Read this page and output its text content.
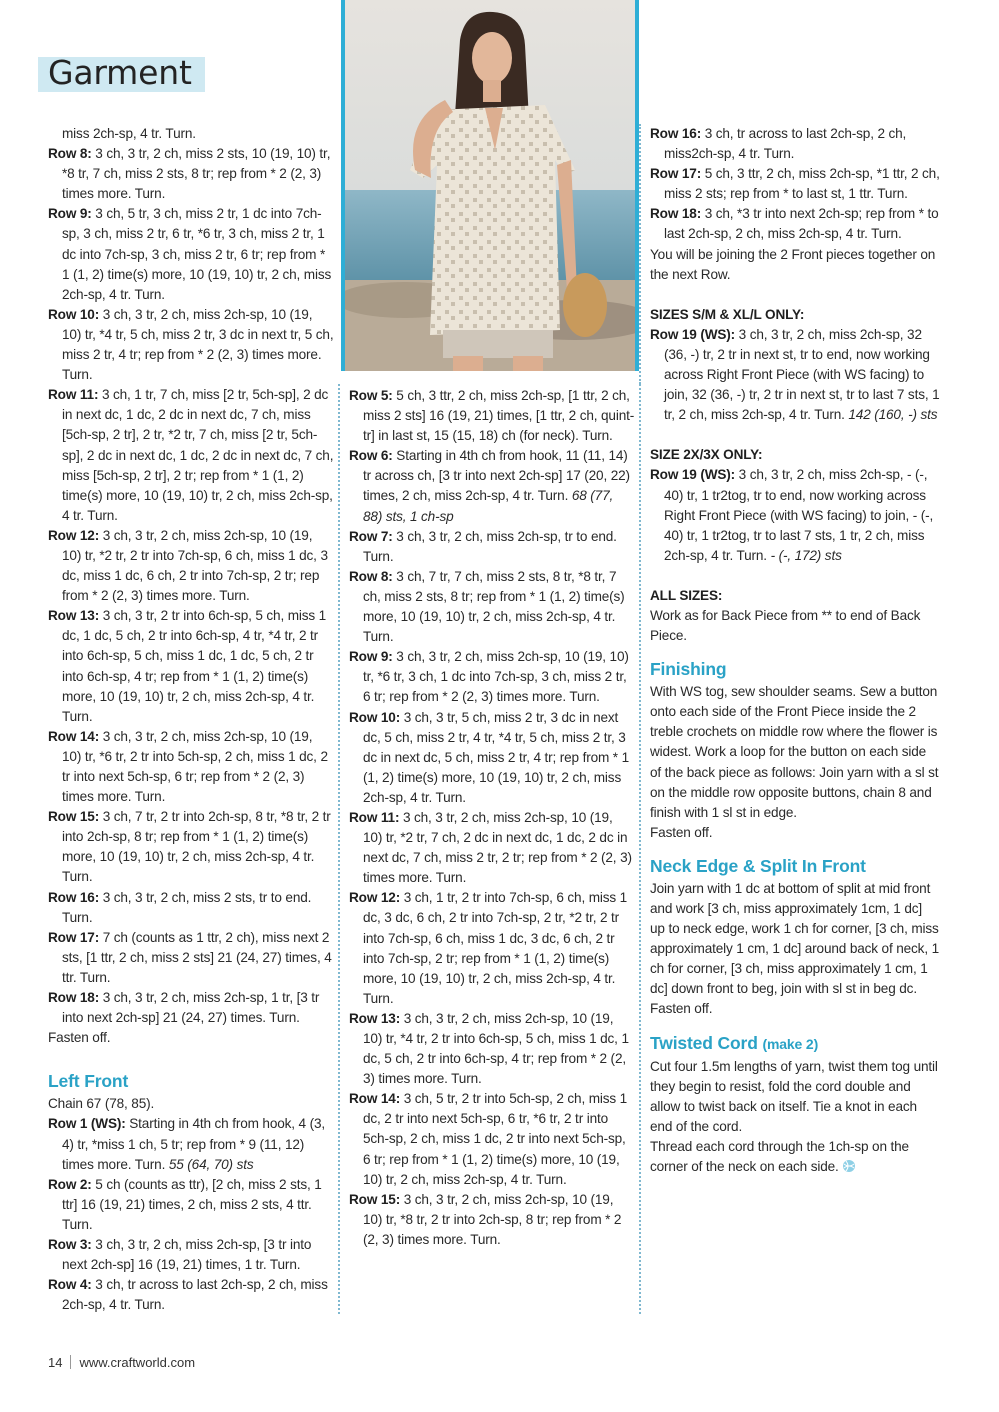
Garment

miss 2ch-sp, 4 tr. Turn.

Row 8: 3 ch, 3 tr, 2 ch, miss 2 sts, 10 (19, 10) tr, *8 tr, 7 ch, miss 2 sts, 8 tr; rep from * 2 (2, 3) times more. Turn.

Row 9: 3 ch, 5 tr, 3 ch, miss 2 tr, 1 dc into 7ch-sp, 3 ch, miss 2 tr, 6 tr, *6 tr, 3 ch, miss 2 tr, 1 dc into 7ch-sp, 3 ch, miss 2 tr, 6 tr; rep from * 1 (1, 2) time(s) more, 10 (19, 10) tr, 2 ch, miss 2ch-sp, 4 tr. Turn.

Row 10: 3 ch, 3 tr, 2 ch, miss 2ch-sp, 10 (19, 10) tr, *4 tr, 5 ch, miss 2 tr, 3 dc in next tr, 5 ch, miss 2 tr, 4 tr; rep from * 2 (2, 3) times more. Turn.

Row 11: 3 ch, 1 tr, 7 ch, miss [2 tr, 5ch-sp], 2 dc in next dc, 1 dc, 2 dc in next dc, 7 ch, miss [5ch-sp, 2 tr], 2 tr, *2 tr, 7 ch, miss [2 tr, 5ch-sp], 2 dc in next dc, 1 dc, 2 dc in next dc, 7 ch, miss [5ch-sp, 2 tr], 2 tr; rep from * 1 (1, 2) time(s) more, 10 (19, 10) tr, 2 ch, miss 2ch-sp, 4 tr. Turn.

Row 12: 3 ch, 3 tr, 2 ch, miss 2ch-sp, 10 (19, 10) tr, *2 tr, 2 tr into 7ch-sp, 6 ch, miss 1 dc, 3 dc, miss 1 dc, 6 ch, 2 tr into 7ch-sp, 2 tr; rep from * 2 (2, 3) times more. Turn.

Row 13: 3 ch, 3 tr, 2 tr into 6ch-sp, 5 ch, miss 1 dc, 1 dc, 5 ch, 2 tr into 6ch-sp, 4 tr, *4 tr, 2 tr into 6ch-sp, 5 ch, miss 1 dc, 1 dc, 5 ch, 2 tr into 6ch-sp, 4 tr; rep from * 1 (1, 2) time(s) more, 10 (19, 10) tr, 2 ch, miss 2ch-sp, 4 tr. Turn.

Row 14: 3 ch, 3 tr, 2 ch, miss 2ch-sp, 10 (19, 10) tr, *6 tr, 2 tr into 5ch-sp, 2 ch, miss 1 dc, 2 tr into next 5ch-sp, 6 tr; rep from * 2 (2, 3) times more. Turn.

Row 15: 3 ch, 7 tr, 2 tr into 2ch-sp, 8 tr, *8 tr, 2 tr into 2ch-sp, 8 tr; rep from * 1 (1, 2) time(s) more, 10 (19, 10) tr, 2 ch, miss 2ch-sp, 4 tr. Turn.

Row 16: 3 ch, 3 tr, 2 ch, miss 2 sts, tr to end. Turn.

Row 17: 7 ch (counts as 1 ttr, 2 ch), miss next 2 sts, [1 ttr, 2 ch, miss 2 sts] 21 (24, 27) times, 4 ttr. Turn.

Row 18: 3 ch, 3 tr, 2 ch, miss 2ch-sp, 1 tr, [3 tr into next 2ch-sp] 21 (24, 27) times. Turn.

Fasten off.

Left Front

Chain 67 (78, 85).

Row 1 (WS): Starting in 4th ch from hook, 4 (3, 4) tr, *miss 1 ch, 5 tr; rep from * 9 (11, 12) times more. Turn. 55 (64, 70) sts

Row 2: 5 ch (counts as ttr), [2 ch, miss 2 sts, 1 ttr] 16 (19, 21) times, 2 ch, miss 2 sts, 4 ttr. Turn.

Row 3: 3 ch, 3 tr, 2 ch, miss 2ch-sp, [3 tr into next 2ch-sp] 16 (19, 21) times, 1 tr. Turn.

Row 4: 3 ch, tr across to last 2ch-sp, 2 ch, miss 2ch-sp, 4 tr. Turn.

Row 5: 5 ch, 3 ttr, 2 ch, miss 2ch-sp, [1 ttr, 2 ch, miss 2 sts] 16 (19, 21) times, [1 ttr, 2 ch, quint-tr] in last st, 15 (15, 18) ch (for neck). Turn.

Row 6: Starting in 4th ch from hook, 11 (11, 14) tr across ch, [3 tr into next 2ch-sp] 17 (20, 22) times, 2 ch, miss 2ch-sp, 4 tr. Turn. 68 (77, 88) sts, 1 ch-sp

Row 7: 3 ch, 3 tr, 2 ch, miss 2ch-sp, tr to end. Turn.

Row 8: 3 ch, 7 tr, 7 ch, miss 2 sts, 8 tr, *8 tr, 7 ch, miss 2 sts, 8 tr; rep from * 1 (1, 2) time(s) more, 10 (19, 10) tr, 2 ch, miss 2ch-sp, 4 tr. Turn.

Row 9: 3 ch, 3 tr, 2 ch, miss 2ch-sp, 10 (19, 10) tr, *6 tr, 3 ch, 1 dc into 7ch-sp, 3 ch, miss 2 tr, 6 tr; rep from * 2 (2, 3) times more. Turn.

Row 10: 3 ch, 3 tr, 5 ch, miss 2 tr, 3 dc in next dc, 5 ch, miss 2 tr, 4 tr, *4 tr, 5 ch, miss 2 tr, 3 dc in next dc, 5 ch, miss 2 tr, 4 tr; rep from * 1 (1, 2) time(s) more, 10 (19, 10) tr, 2 ch, miss 2ch-sp, 4 tr. Turn.

Row 11: 3 ch, 3 tr, 2 ch, miss 2ch-sp, 10 (19, 10) tr, *2 tr, 7 ch, 2 dc in next dc, 1 dc, 2 dc in next dc, 7 ch, miss 2 tr, 2 tr; rep from * 2 (2, 3) times more. Turn.

Row 12: 3 ch, 1 tr, 2 tr into 7ch-sp, 6 ch, miss 1 dc, 3 dc, 6 ch, 2 tr into 7ch-sp, 2 tr, *2 tr, 2 tr into 7ch-sp, 6 ch, miss 1 dc, 3 dc, 6 ch, 2 tr into 7ch-sp, 2 tr; rep from * 1 (1, 2) time(s) more, 10 (19, 10) tr, 2 ch, miss 2ch-sp, 4 tr. Turn.

Row 13: 3 ch, 3 tr, 2 ch, miss 2ch-sp, 10 (19, 10) tr, *4 tr, 2 tr into 6ch-sp, 5 ch, miss 1 dc, 1 dc, 5 ch, 2 tr into 6ch-sp, 4 tr; rep from * 2 (2, 3) times more. Turn.

Row 14: 3 ch, 5 tr, 2 tr into 5ch-sp, 2 ch, miss 1 dc, 2 tr into next 5ch-sp, 6 tr, *6 tr, 2 tr into 5ch-sp, 2 ch, miss 1 dc, 2 tr into next 5ch-sp, 6 tr; rep from * 1 (1, 2) time(s) more, 10 (19, 10) tr, 2 ch, miss 2ch-sp, 4 tr. Turn.

Row 15: 3 ch, 3 tr, 2 ch, miss 2ch-sp, 10 (19, 10) tr, *8 tr, 2 tr into 2ch-sp, 8 tr; rep from * 2 (2, 3) times more. Turn.

Row 16: 3 ch, tr across to last 2ch-sp, 2 ch, miss2ch-sp, 4 tr. Turn.

Row 17: 5 ch, 3 ttr, 2 ch, miss 2ch-sp, *1 ttr, 2 ch, miss 2 sts; rep from * to last st, 1 ttr. Turn.

Row 18: 3 ch, *3 tr into next 2ch-sp; rep from * to last 2ch-sp, 2 ch, miss 2ch-sp, 4 tr. Turn.

You will be joining the 2 Front pieces together on the next Row.

SIZES S/M & XL/L ONLY:

Row 19 (WS): 3 ch, 3 tr, 2 ch, miss 2ch-sp, 32 (36, -) tr, 2 tr in next st, tr to end, now working across Right Front Piece (with WS facing) to join, 32 (36, -) tr, 2 tr in next st, tr to last 7 sts, 1 tr, 2 ch, miss 2ch-sp, 4 tr. Turn. 142 (160, -) sts

SIZE 2X/3X ONLY:

Row 19 (WS): 3 ch, 3 tr, 2 ch, miss 2ch-sp, - (-, 40) tr, 1 tr2tog, tr to end, now working across Right Front Piece (with WS facing) to join, - (-, 40) tr, 1 tr2tog, tr to last 7 sts, 1 tr, 2 ch, miss 2ch-sp, 4 tr. Turn. - (-, 172) sts

ALL SIZES:

Work as for Back Piece from ** to end of Back Piece.

Finishing

With WS tog, sew shoulder seams. Sew a button onto each side of the Front Piece inside the 2 treble crochets on middle row where the flower is widest. Work a loop for the button on each side of the back piece as follows: Join yarn with a sl st on the middle row opposite buttons, chain 8 and finish with 1 sl st in edge.

Fasten off.

Neck Edge & Split In Front

Join yarn with 1 dc at bottom of split at mid front and work [3 ch, miss approximately 1cm, 1 dc] up to neck edge, work 1 ch for corner, [3 ch, miss approximately 1 cm, 1 dc] around back of neck, 1 ch for corner, [3 ch, miss approximately 1 cm, 1 dc] down front to beg, join with sl st in beg dc.

Fasten off.

Twisted Cord (make 2)

Cut four 1.5m lengths of yarn, twist them tog until they begin to resist, fold the cord double and allow to twist back on itself. Tie a knot in each end of the cord.

Thread each cord through the 1ch-sp on the corner of the neck on each side.

14 www.craftworld.com
